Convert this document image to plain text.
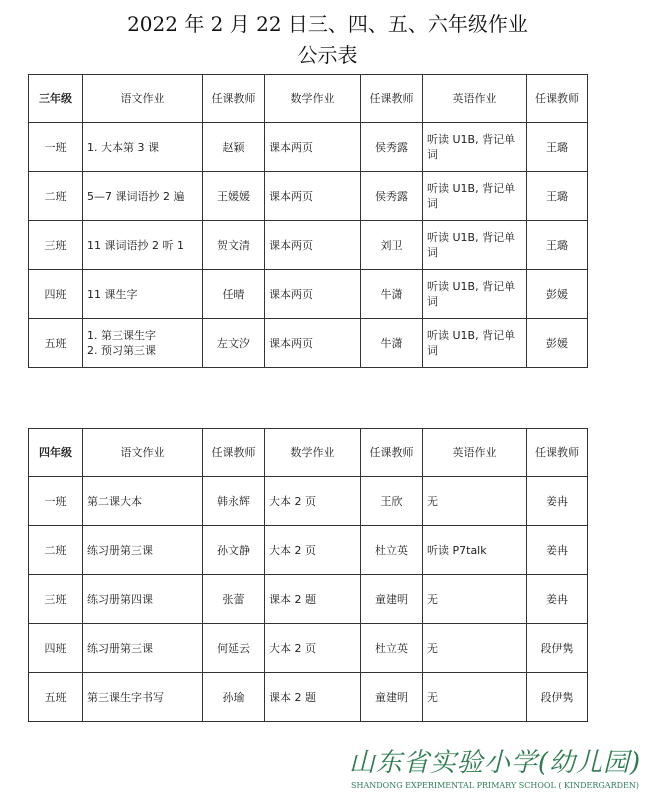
2022 年 2 月 22 日三、四、五、六年级作业
公示表
三年级	语文作业	任课教师	数学作业	任课教师	英语作业	任课教师
一班	1. 大本第 3 课	赵颖	课本两页	侯秀露	听读 U1B, 背记单词	王璐
二班	5—7 课词语抄 2 遍	王媛媛	课本两页	侯秀露	听读 U1B, 背记单词	王璐
三班	11 课词语抄 2 听 1	贺文清	课本两页	刘卫	听读 U1B, 背记单词	王璐
四班	11 课生字	任晴	课本两页	牛潇	听读 U1B, 背记单词	彭媛
五班	1. 第三课生字
2. 预习第三课	左文汐	课本两页	牛潇	听读 U1B, 背记单词	彭媛
四年级	语文作业	任课教师	数学作业	任课教师	英语作业	任课教师
一班	第二课大本	韩永辉	大本 2 页	王欣	无	姜冉
二班	练习册第三课	孙文静	大本 2 页	杜立英	听读 P7talk	姜冉
三班	练习册第四课	张蕾	课本 2 题	童建明	无	姜冉
四班	练习册第三课	何延云	大本 2 页	杜立英	无	段伊隽
五班	第三课生字书写	孙瑜	课本 2 题	童建明	无	段伊隽
山东省实验小学(幼儿园)
SHANDONG EXPERIMENTAL PRIMARY SCHOOL ( KINDERGARDEN)
